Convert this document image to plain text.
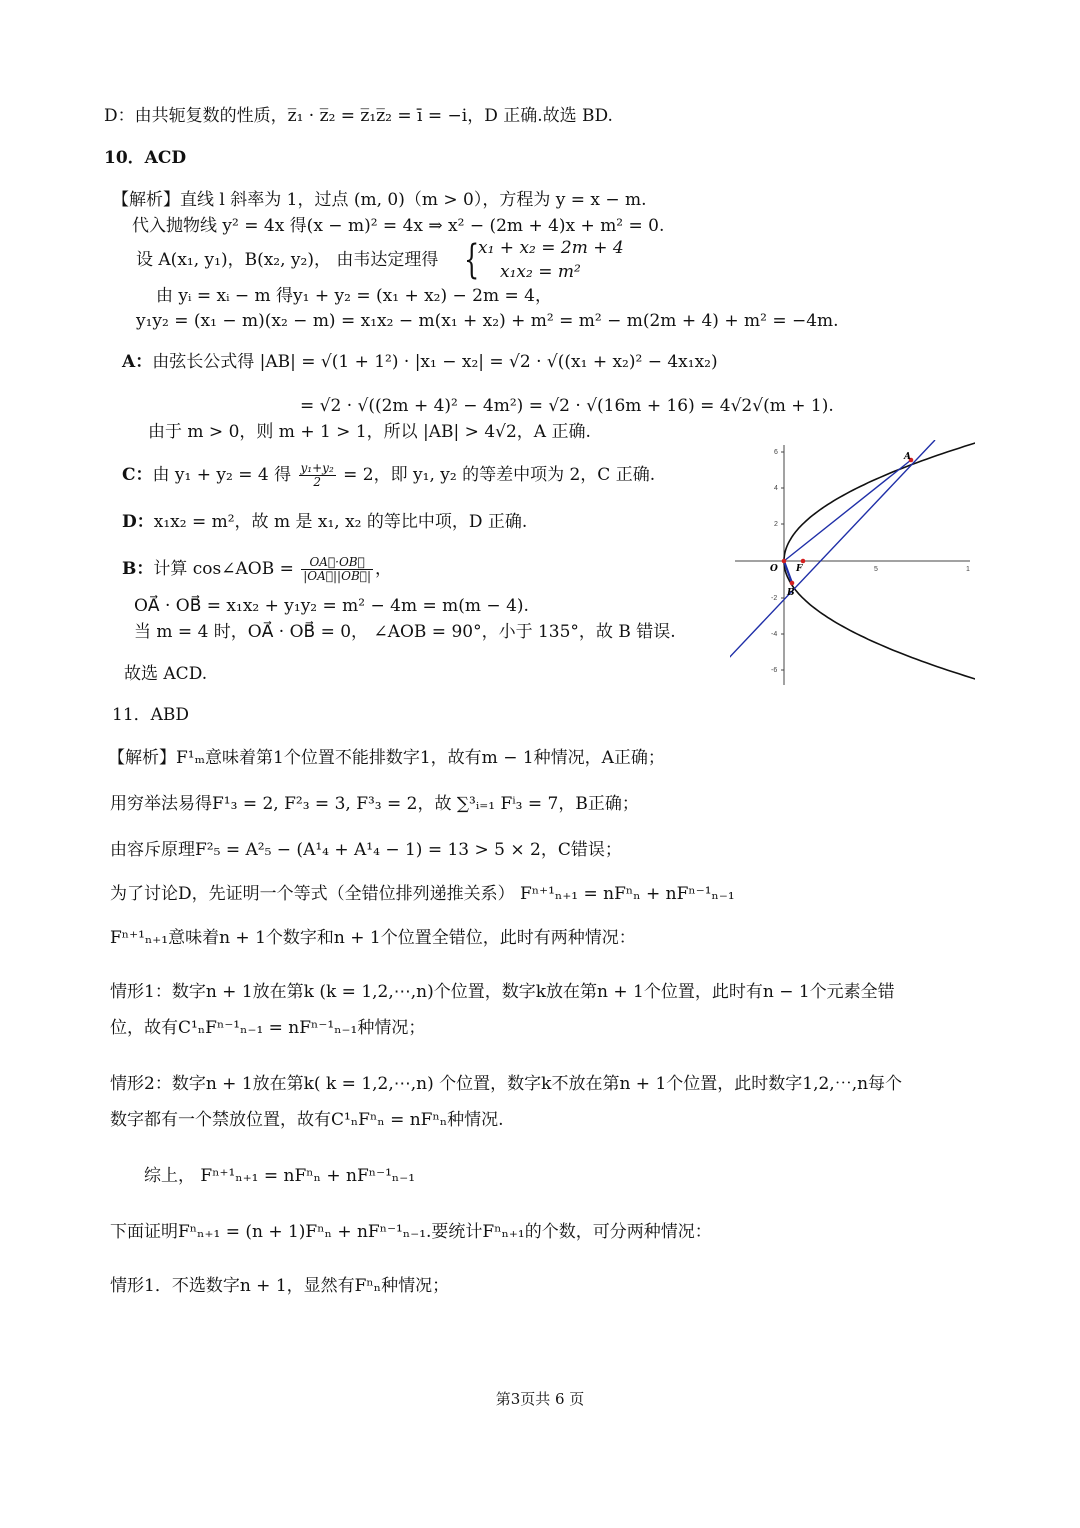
D：由共轭复数的性质，z̅₁ · z̅₂ = z̅₁z̅₂ = ī = −i，D 正确.故选 BD.
10．ACD
【解析】直线 l 斜率为 1，过点 (m, 0)（m > 0），方程为 y = x − m.
代入抛物线 y² = 4x 得(x − m)² = 4x ⇒ x² − (2m + 4)x + m² = 0.
设 A(x₁, y₁)，B(x₂, y₂)， 由韦达定理得 {
x₁ + x₂ = 2m + 4
x₁x₂ = m²
由 yᵢ = xᵢ − m 得y₁ + y₂ = (x₁ + x₂) − 2m = 4，
y₁y₂ = (x₁ − m)(x₂ − m) = x₁x₂ − m(x₁ + x₂) + m² = m² − m(2m + 4) + m² = −4m.
A：由弦长公式得 |AB| = √(1 + 1²) · |x₁ − x₂| = √2 · √((x₁ + x₂)² − 4x₁x₂)
= √2 · √((2m + 4)² − 4m²) = √2 · √(16m + 16) = 4√2√(m + 1).
由于 m > 0，则 m + 1 > 1，所以 |AB| > 4√2，A 正确.
C：由 y₁ + y₂ = 4 得 $\frac{\text{y₁+y₂}}{2} = 2$，即 y₁, y₂ 的等差中项为 2，C 正确.
D：x₁x₂ = m²，故 m 是 x₁, x₂ 的等比中项，D 正确.
B：计算 cos∠AOB = $\frac{OA⃗\cdot OB⃗}{|OA⃗||OB⃗|}$ ，
OA⃗ · OB⃗ = x₁x₂ + y₁y₂ = m² − 4m = m(m − 4).
当 m = 4 时，OA⃗ · OB⃗ = 0， ∠AOB = 90°，小于 135°，故 B 错误.
故选 ACD.
6
4
2
-2
-4
-6
5	1
A
B
O F
11．ABD
【解析】F¹ₘ意味着第1个位置不能排数字1，故有m − 1种情况，A正确；
用穷举法易得F¹₃ = 2, F²₃ = 3, F³₃ = 2，故 ∑³ᵢ₌₁ Fⁱ₃ = 7，B正确；
由容斥原理F²₅ = A²₅ − (A¹₄ + A¹₄ − 1) = 13 > 5 × 2，C错误；
为了讨论D，先证明一个等式（全错位排列递推关系） Fⁿ⁺¹ₙ₊₁ = nFⁿₙ + nFⁿ⁻¹ₙ₋₁
Fⁿ⁺¹ₙ₊₁意味着n + 1个数字和n + 1个位置全错位，此时有两种情况：
情形1：数字n + 1放在第k (k = 1,2,⋯,n)个位置，数字k放在第n + 1个位置，此时有n − 1个元素全错
位，故有C¹ₙFⁿ⁻¹ₙ₋₁ = nFⁿ⁻¹ₙ₋₁种情况；
情形2：数字n + 1放在第k( k = 1,2,⋯,n) 个位置，数字k不放在第n + 1个位置，此时数字1,2,⋯,n每个
数字都有一个禁放位置，故有C¹ₙFⁿₙ = nFⁿₙ种情况.
综上， Fⁿ⁺¹ₙ₊₁ = nFⁿₙ + nFⁿ⁻¹ₙ₋₁
下面证明Fⁿₙ₊₁ = (n + 1)Fⁿₙ + nFⁿ⁻¹ₙ₋₁.要统计Fⁿₙ₊₁的个数，可分两种情况：
情形1．不选数字n + 1，显然有Fⁿₙ种情况；
第3页共 6 页
